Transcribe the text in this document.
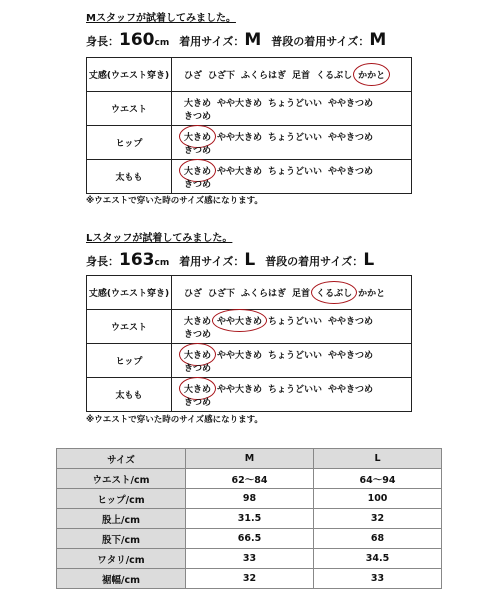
Mスタッフが試着してみました。
身長：160cm 着用サイズ：M 普段の着用サイズ：M
丈感(ウエスト穿き)	ひざ ひざ下 ふくらはぎ 足首 くるぶし かかと
ウエスト	大きめ やや大きめ ちょうどいい ややきつめきつめ
ヒップ	大きめ やや大きめ ちょうどいい ややきつめきつめ
太もも	大きめ やや大きめ ちょうどいい ややきつめきつめ
※ウエストで穿いた時のサイズ感になります。
Lスタッフが試着してみました。
身長：163cm 着用サイズ：L 普段の着用サイズ：L
丈感(ウエスト穿き)	ひざ ひざ下 ふくらはぎ 足首 くるぶし かかと
ウエスト	大きめ やや大きめ ちょうどいい ややきつめきつめ
ヒップ	大きめ やや大きめ ちょうどいい ややきつめきつめ
太もも	大きめ やや大きめ ちょうどいい ややきつめきつめ
※ウエストで穿いた時のサイズ感になります。
サイズ	M	L
ウエスト/cm	62～84	64～94
ヒップ/cm	98	100
股上/cm	31.5	32
股下/cm	66.5	68
ワタリ/cm	33	34.5
裾幅/cm	32	33
